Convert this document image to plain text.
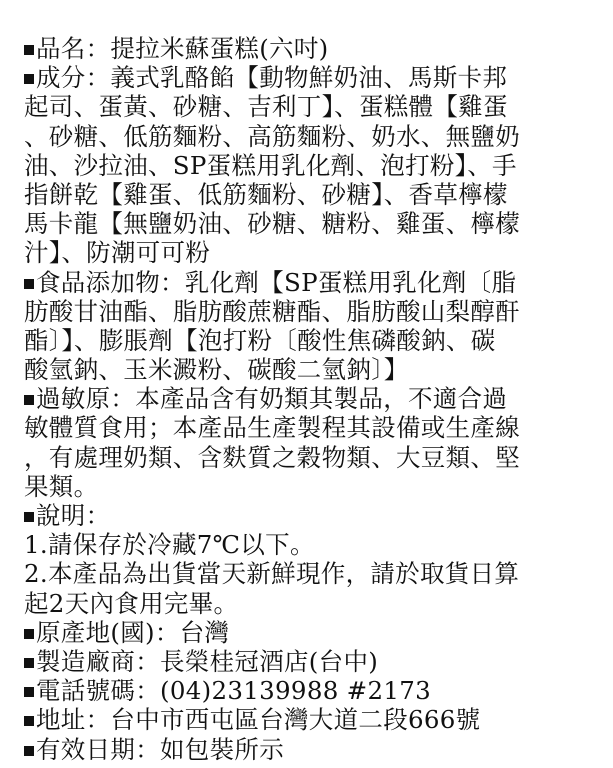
品名：提拉米蘇蛋糕(六吋)
成分：義式乳酪餡【動物鮮奶油、馬斯卡邦
起司、蛋黃、砂糖、吉利丁】、蛋糕體【雞蛋
、砂糖、低筋麵粉、高筋麵粉、奶水、無鹽奶
油、沙拉油、SP蛋糕用乳化劑、泡打粉】、手
指餅乾【雞蛋、低筋麵粉、砂糖】、香草檸檬
馬卡龍【無鹽奶油、砂糖、糖粉、雞蛋、檸檬
汁】、防潮可可粉
食品添加物：乳化劑【SP蛋糕用乳化劑〔脂
肪酸甘油酯、脂肪酸蔗糖酯、脂肪酸山梨醇酐
酯〕】、膨脹劑【泡打粉〔酸性焦磷酸鈉、碳
酸氫鈉、玉米澱粉、碳酸二氫鈉〕】
過敏原：本產品含有奶類其製品，不適合過
敏體質食用；本產品生產製程其設備或生產線
，有處理奶類、含麩質之穀物類、大豆類、堅
果類。
說明：
1.請保存於冷藏7℃以下。
2.本產品為出貨當天新鮮現作，請於取貨日算
起2天內食用完畢。
原產地(國)：台灣
製造廠商：長榮桂冠酒店(台中)
電話號碼：(04)23139988 #2173
地址：台中市西屯區台灣大道二段666號
有效日期：如包裝所示
